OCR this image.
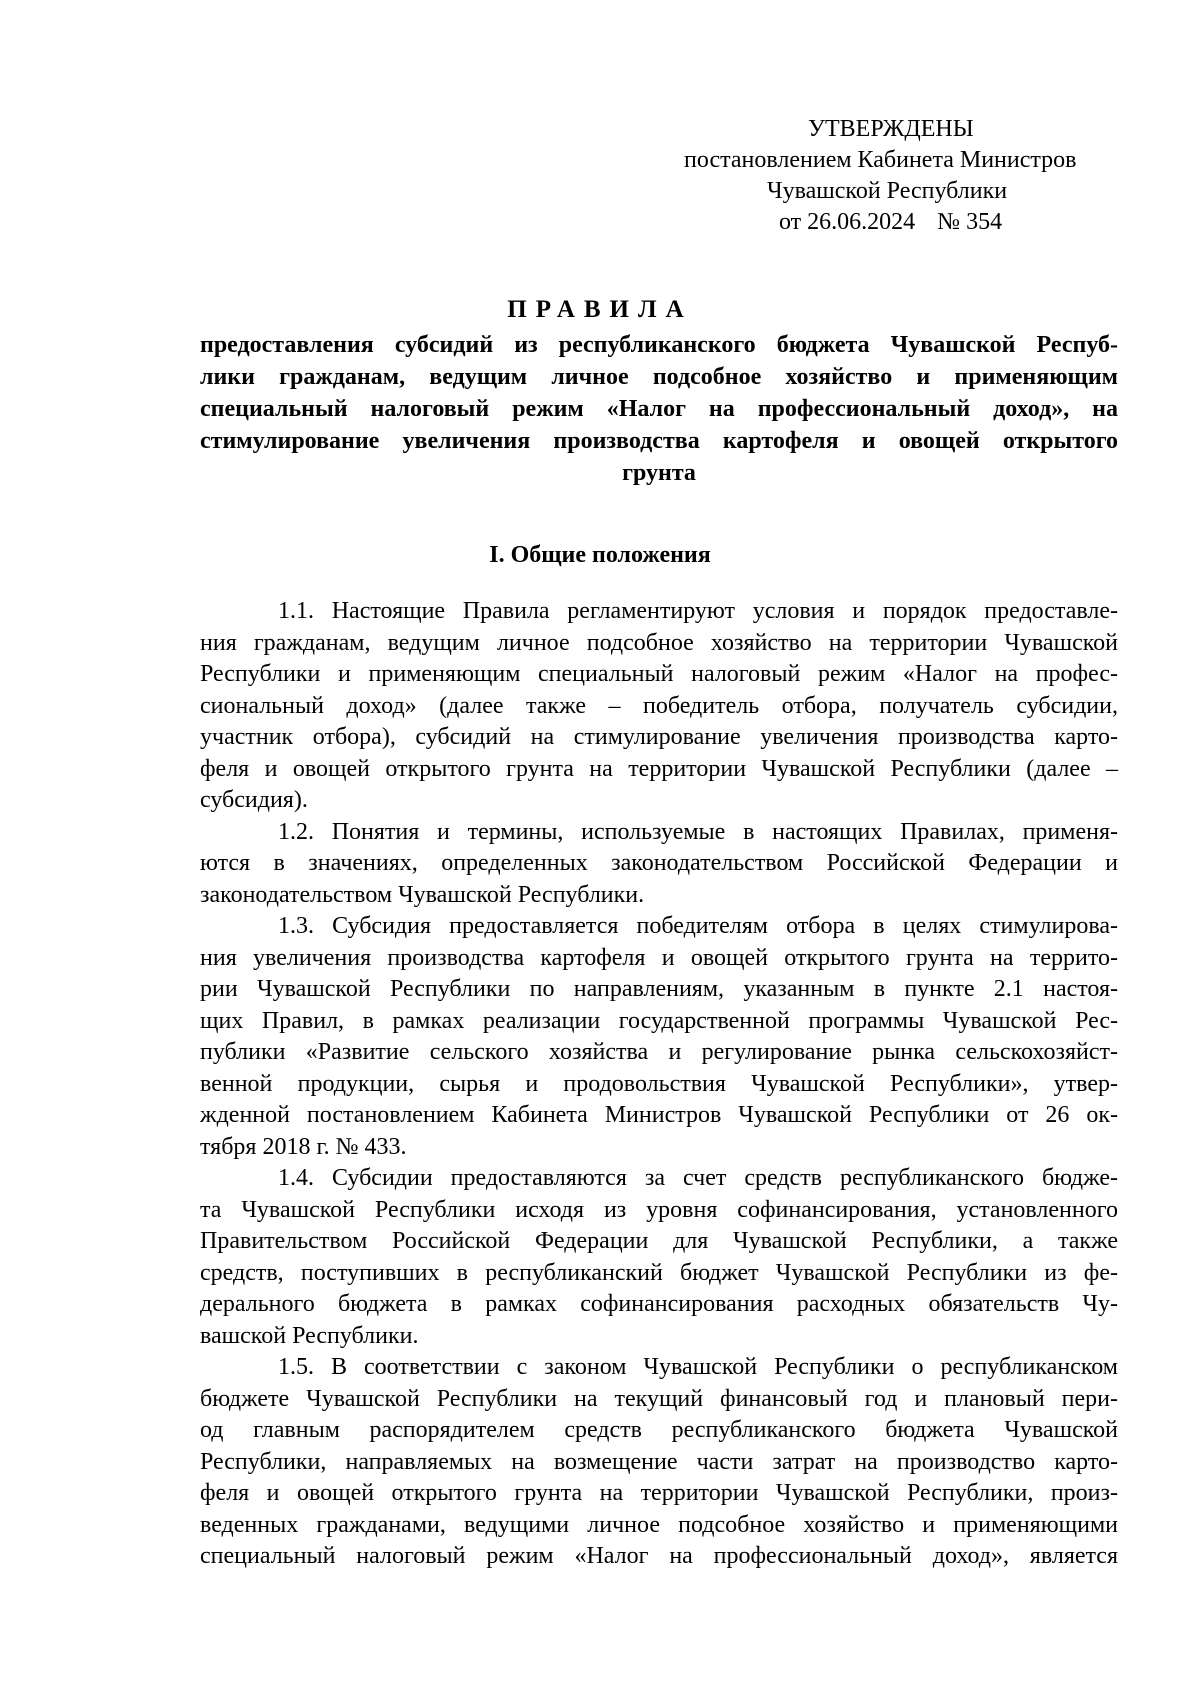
УТВЕРЖДЕНЫ
постановлением Кабинета Министров
Чувашской Республики
от 26.06.2024 № 354
ПРАВИЛА
предоставления субсидий из республиканского бюджета Чувашской Респуб-
лики гражданам, ведущим личное подсобное хозяйство и применяющим
специальный налоговый режим «Налог на профессиональный доход», на
стимулирование увеличения производства картофеля и овощей открытого
грунта
I. Общие положения
1.1. Настоящие Правила регламентируют условия и порядок предоставле-
ния гражданам, ведущим личное подсобное хозяйство на территории Чувашской
Республики и применяющим специальный налоговый режим «Налог на профес-
сиональный доход» (далее также – победитель отбора, получатель субсидии,
участник отбора), субсидий на стимулирование увеличения производства карто-
феля и овощей открытого грунта на территории Чувашской Республики (далее –
субсидия).
1.2. Понятия и термины, используемые в настоящих Правилах, применя-
ются в значениях, определенных законодательством Российской Федерации и
законодательством Чувашской Республики.
1.3. Субсидия предоставляется победителям отбора в целях стимулирова-
ния увеличения производства картофеля и овощей открытого грунта на террито-
рии Чувашской Республики по направлениям, указанным в пункте 2.1 настоя-
щих Правил, в рамках реализации государственной программы Чувашской Рес-
публики «Развитие сельского хозяйства и регулирование рынка сельскохозяйст-
венной продукции, сырья и продовольствия Чувашской Республики», утвер-
жденной постановлением Кабинета Министров Чувашской Республики от 26 ок-
тября 2018 г. № 433.
1.4. Субсидии предоставляются за счет средств республиканского бюдже-
та Чувашской Республики исходя из уровня софинансирования, установленного
Правительством Российской Федерации для Чувашской Республики, а также
средств, поступивших в республиканский бюджет Чувашской Республики из фе-
дерального бюджета в рамках софинансирования расходных обязательств Чу-
вашской Республики.
1.5. В соответствии с законом Чувашской Республики о республиканском
бюджете Чувашской Республики на текущий финансовый год и плановый пери-
од главным распорядителем средств республиканского бюджета Чувашской
Республики, направляемых на возмещение части затрат на производство карто-
феля и овощей открытого грунта на территории Чувашской Республики, произ-
веденных гражданами, ведущими личное подсобное хозяйство и применяющими
специальный налоговый режим «Налог на профессиональный доход», является
